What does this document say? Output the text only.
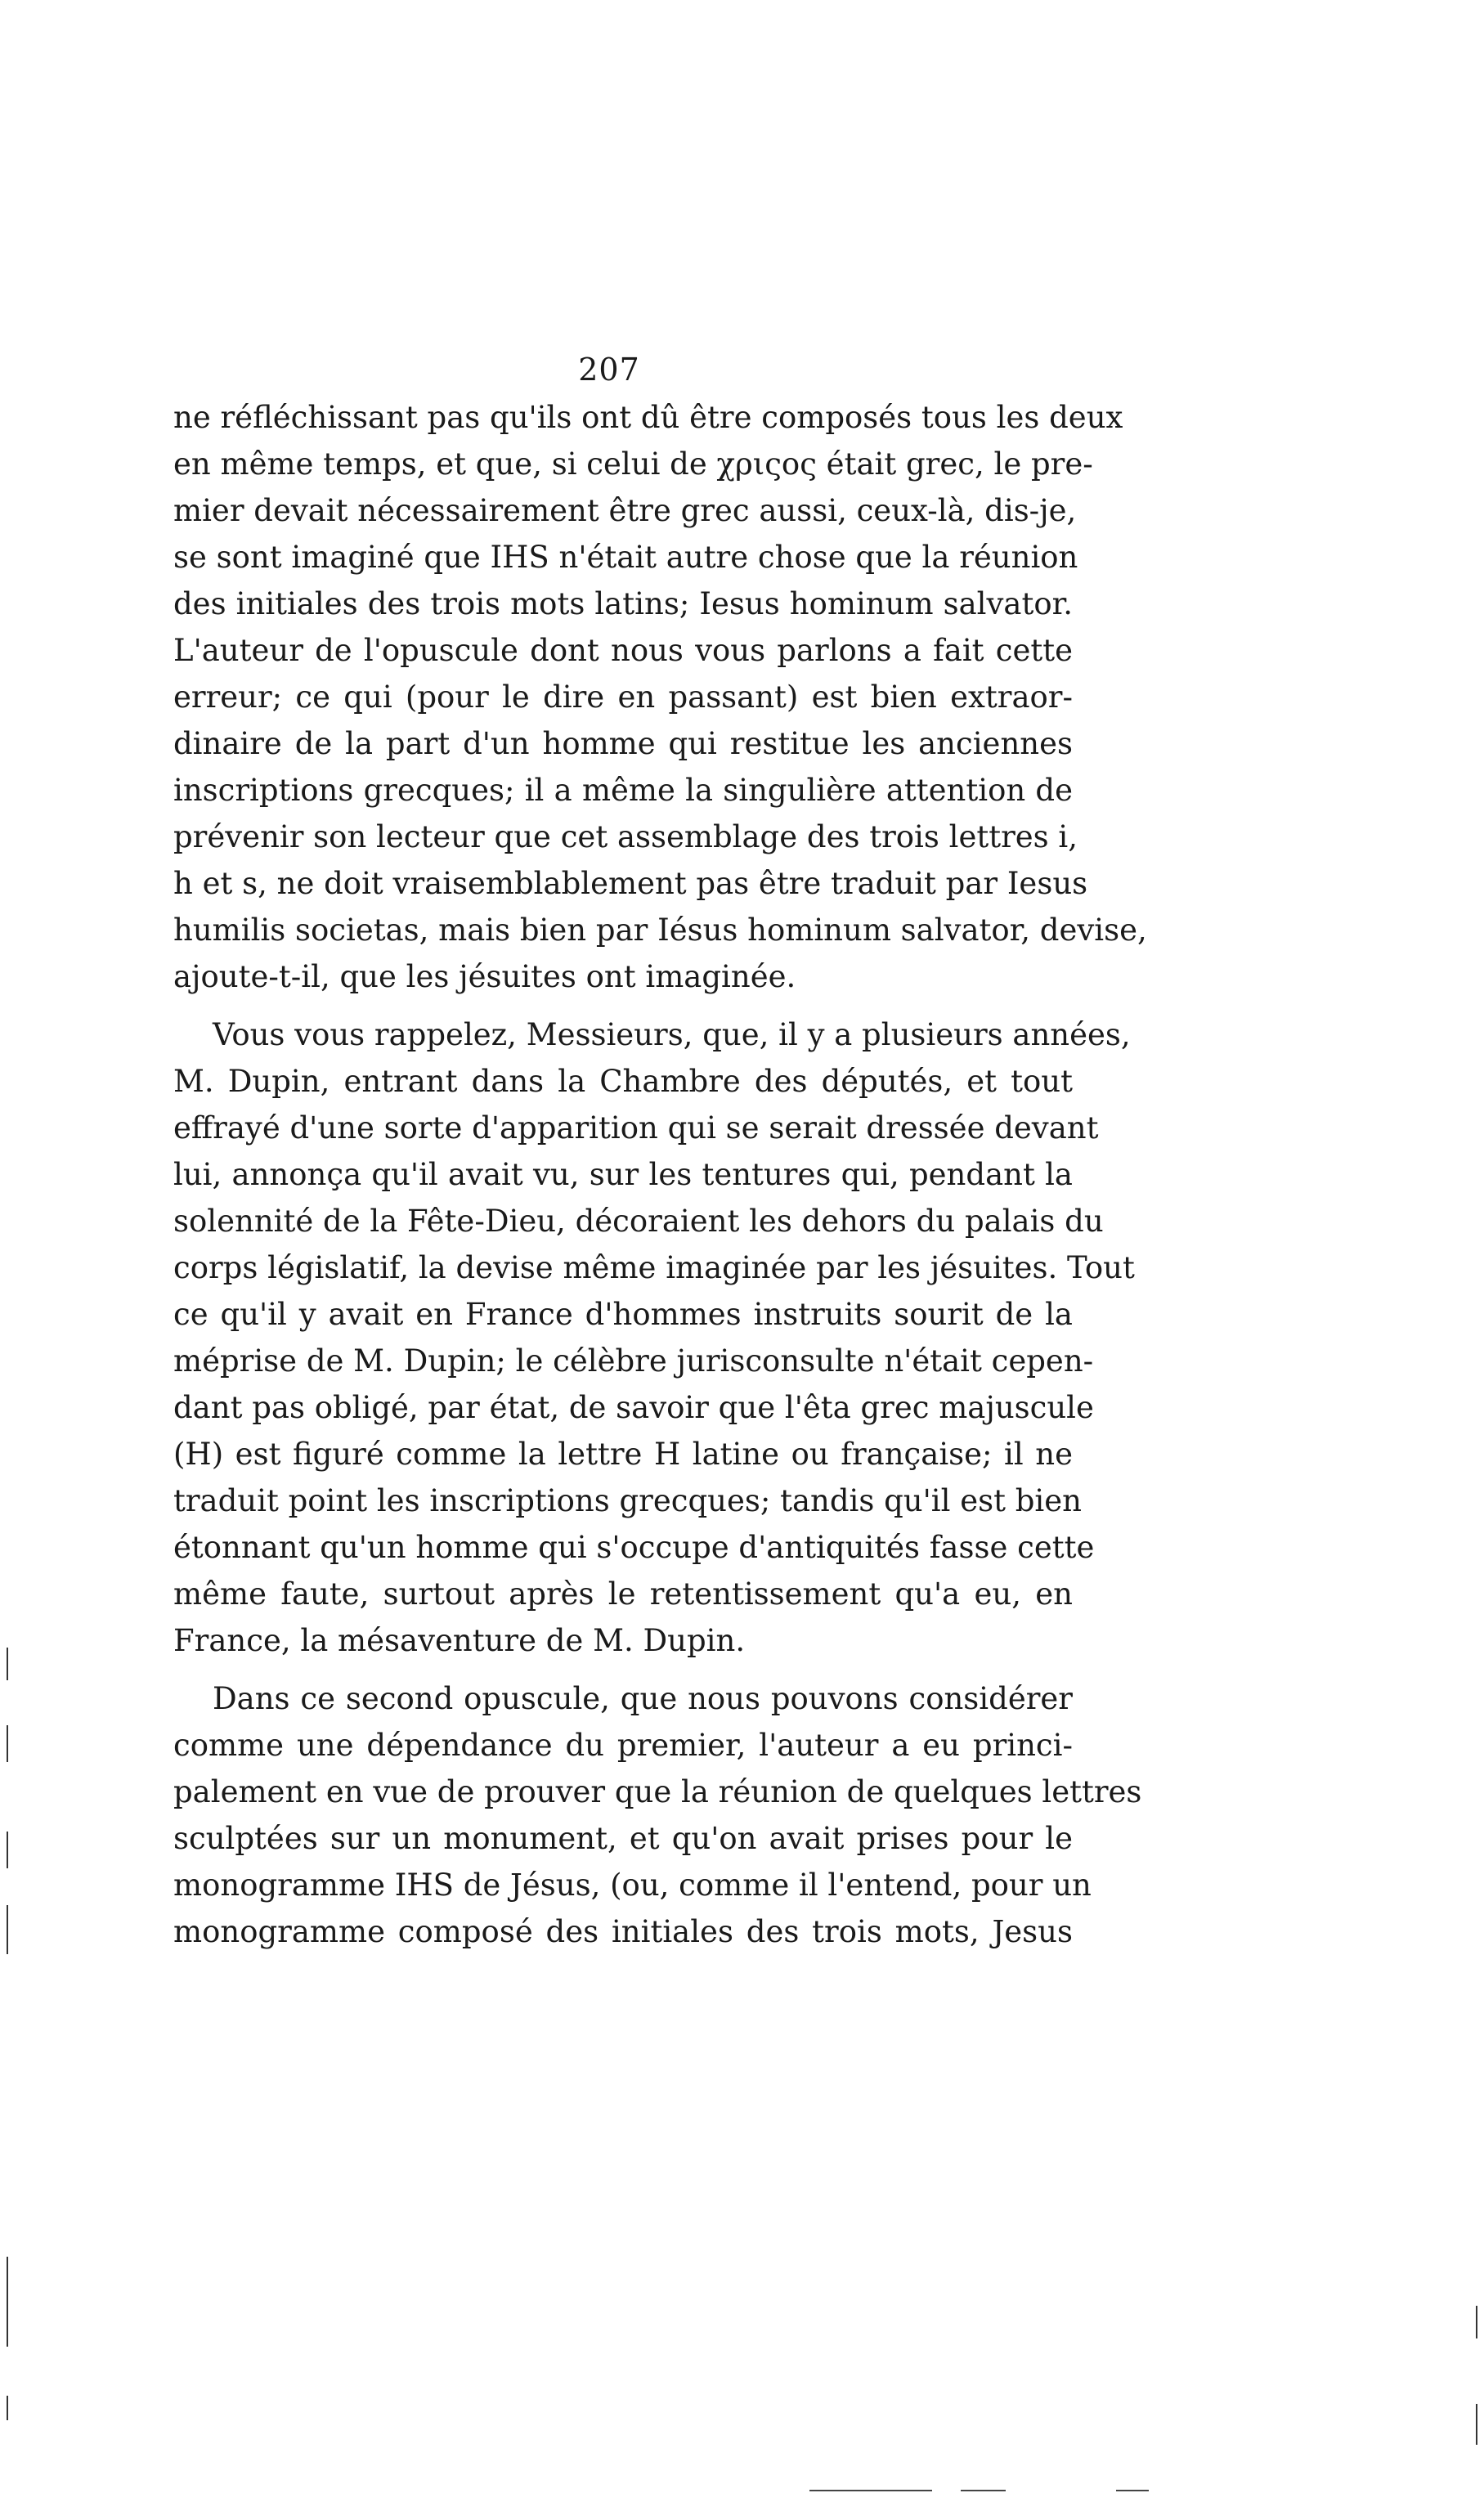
207
ne réfléchissant pas qu'ils ont dû être composés tous les deux
en même temps, et que, si celui de χριςος était grec, le pre-
mier devait nécessairement être grec aussi, ceux-là, dis-je,
se sont imaginé que IHS n'était autre chose que la réunion
des initiales des trois mots latins; Iesus hominum salvator.
L'auteur de l'opuscule dont nous vous parlons a fait cette
erreur; ce qui (pour le dire en passant) est bien extraor-
dinaire de la part d'un homme qui restitue les anciennes
inscriptions grecques; il a même la singulière attention de
prévenir son lecteur que cet assemblage des trois lettres i,
h et s, ne doit vraisemblablement pas être traduit par Iesus
humilis societas, mais bien par Iésus hominum salvator, devise,
ajoute-t-il, que les jésuites ont imaginée.
Vous vous rappelez, Messieurs, que, il y a plusieurs années,
M. Dupin, entrant dans la Chambre des députés, et tout
effrayé d'une sorte d'apparition qui se serait dressée devant
lui, annonça qu'il avait vu, sur les tentures qui, pendant la
solennité de la Fête-Dieu, décoraient les dehors du palais du
corps législatif, la devise même imaginée par les jésuites. Tout
ce qu'il y avait en France d'hommes instruits sourit de la
méprise de M. Dupin; le célèbre jurisconsulte n'était cepen-
dant pas obligé, par état, de savoir que l'êta grec majuscule
(H) est figuré comme la lettre H latine ou française; il ne
traduit point les inscriptions grecques; tandis qu'il est bien
étonnant qu'un homme qui s'occupe d'antiquités fasse cette
même faute, surtout après le retentissement qu'a eu, en
France, la mésaventure de M. Dupin.
Dans ce second opuscule, que nous pouvons considérer
comme une dépendance du premier, l'auteur a eu princi-
palement en vue de prouver que la réunion de quelques lettres
sculptées sur un monument, et qu'on avait prises pour le
monogramme IHS de Jésus, (ou, comme il l'entend, pour un
monogramme composé des initiales des trois mots, Jesus
